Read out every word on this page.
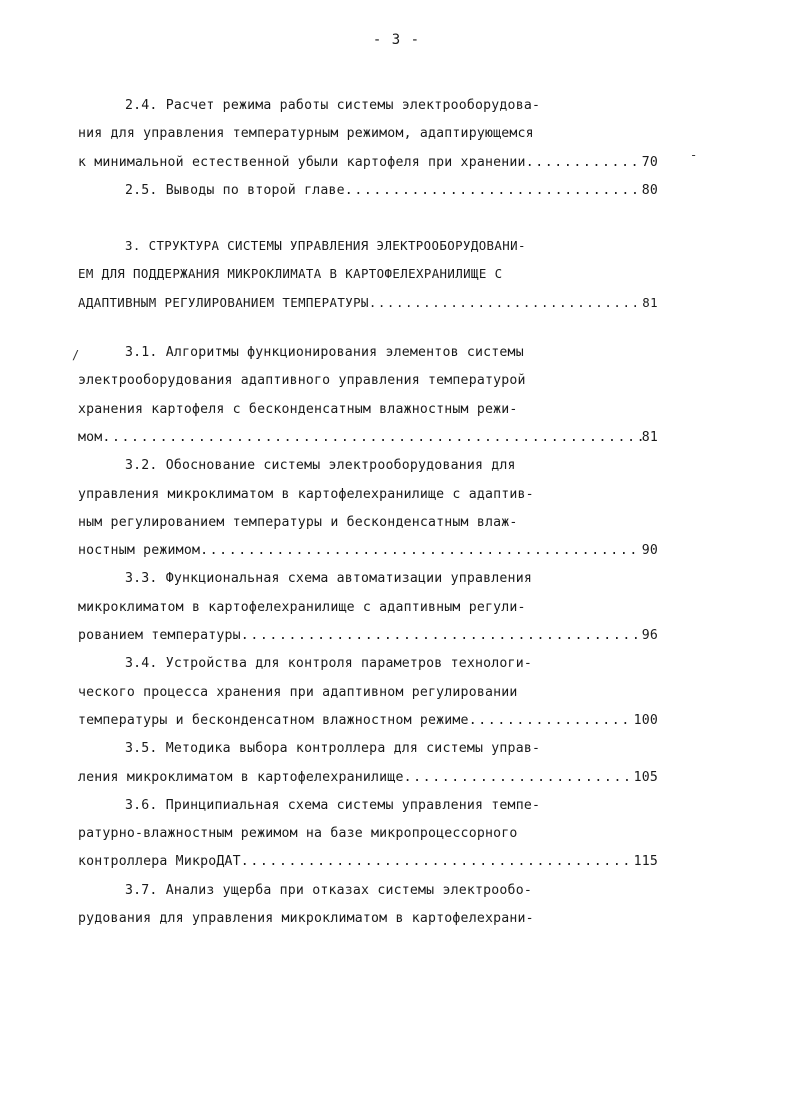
- 3 -
-
/
2.4. Расчет режима работы системы электрооборудова-
ния для управления температурным режимом, адаптирующемся
к минимальной естественной убыли картофеля при хранении .....	70
2.5. Выводы по второй главе .....	80
3. СТРУКТУРА СИСТЕМЫ УПРАВЛЕНИЯ ЭЛЕКТРООБОРУДОВАНИ-
ЕМ ДЛЯ ПОДДЕРЖАНИЯ МИКРОКЛИМАТА В КАРТОФЕЛЕХРАНИЛИЩЕ С
АДАПТИВНЫМ РЕГУЛИРОВАНИЕМ ТЕМПЕРАТУРЫ .....	81
3.1. Алгоритмы функционирования элементов системы
электрооборудования адаптивного управления температурой
хранения картофеля с бесконденсатным влажностным режи-
мом .....	81
3.2. Обоснование системы электрооборудования для
управления микроклиматом в картофелехранилище с адаптив-
ным регулированием температуры и бесконденсатным влаж-
ностным режимом .....	90
3.3. Функциональная схема автоматизации управления
микроклиматом в картофелехранилище с адаптивным регули-
рованием температуры .....	96
3.4. Устройства для контроля параметров технологи-
ческого процесса хранения при адаптивном регулировании
температуры и бесконденсатном влажностном режиме .....	100
3.5. Методика выбора контроллера для системы управ-
ления микроклиматом в картофелехранилище .....	105
3.6. Принципиальная схема системы управления темпе-
ратурно-влажностным режимом на базе микропроцессорного
контроллера МикроДАТ .....	115
3.7. Анализ ущерба при отказах системы электрообо-
рудования для управления микроклиматом в картофелехрани-
